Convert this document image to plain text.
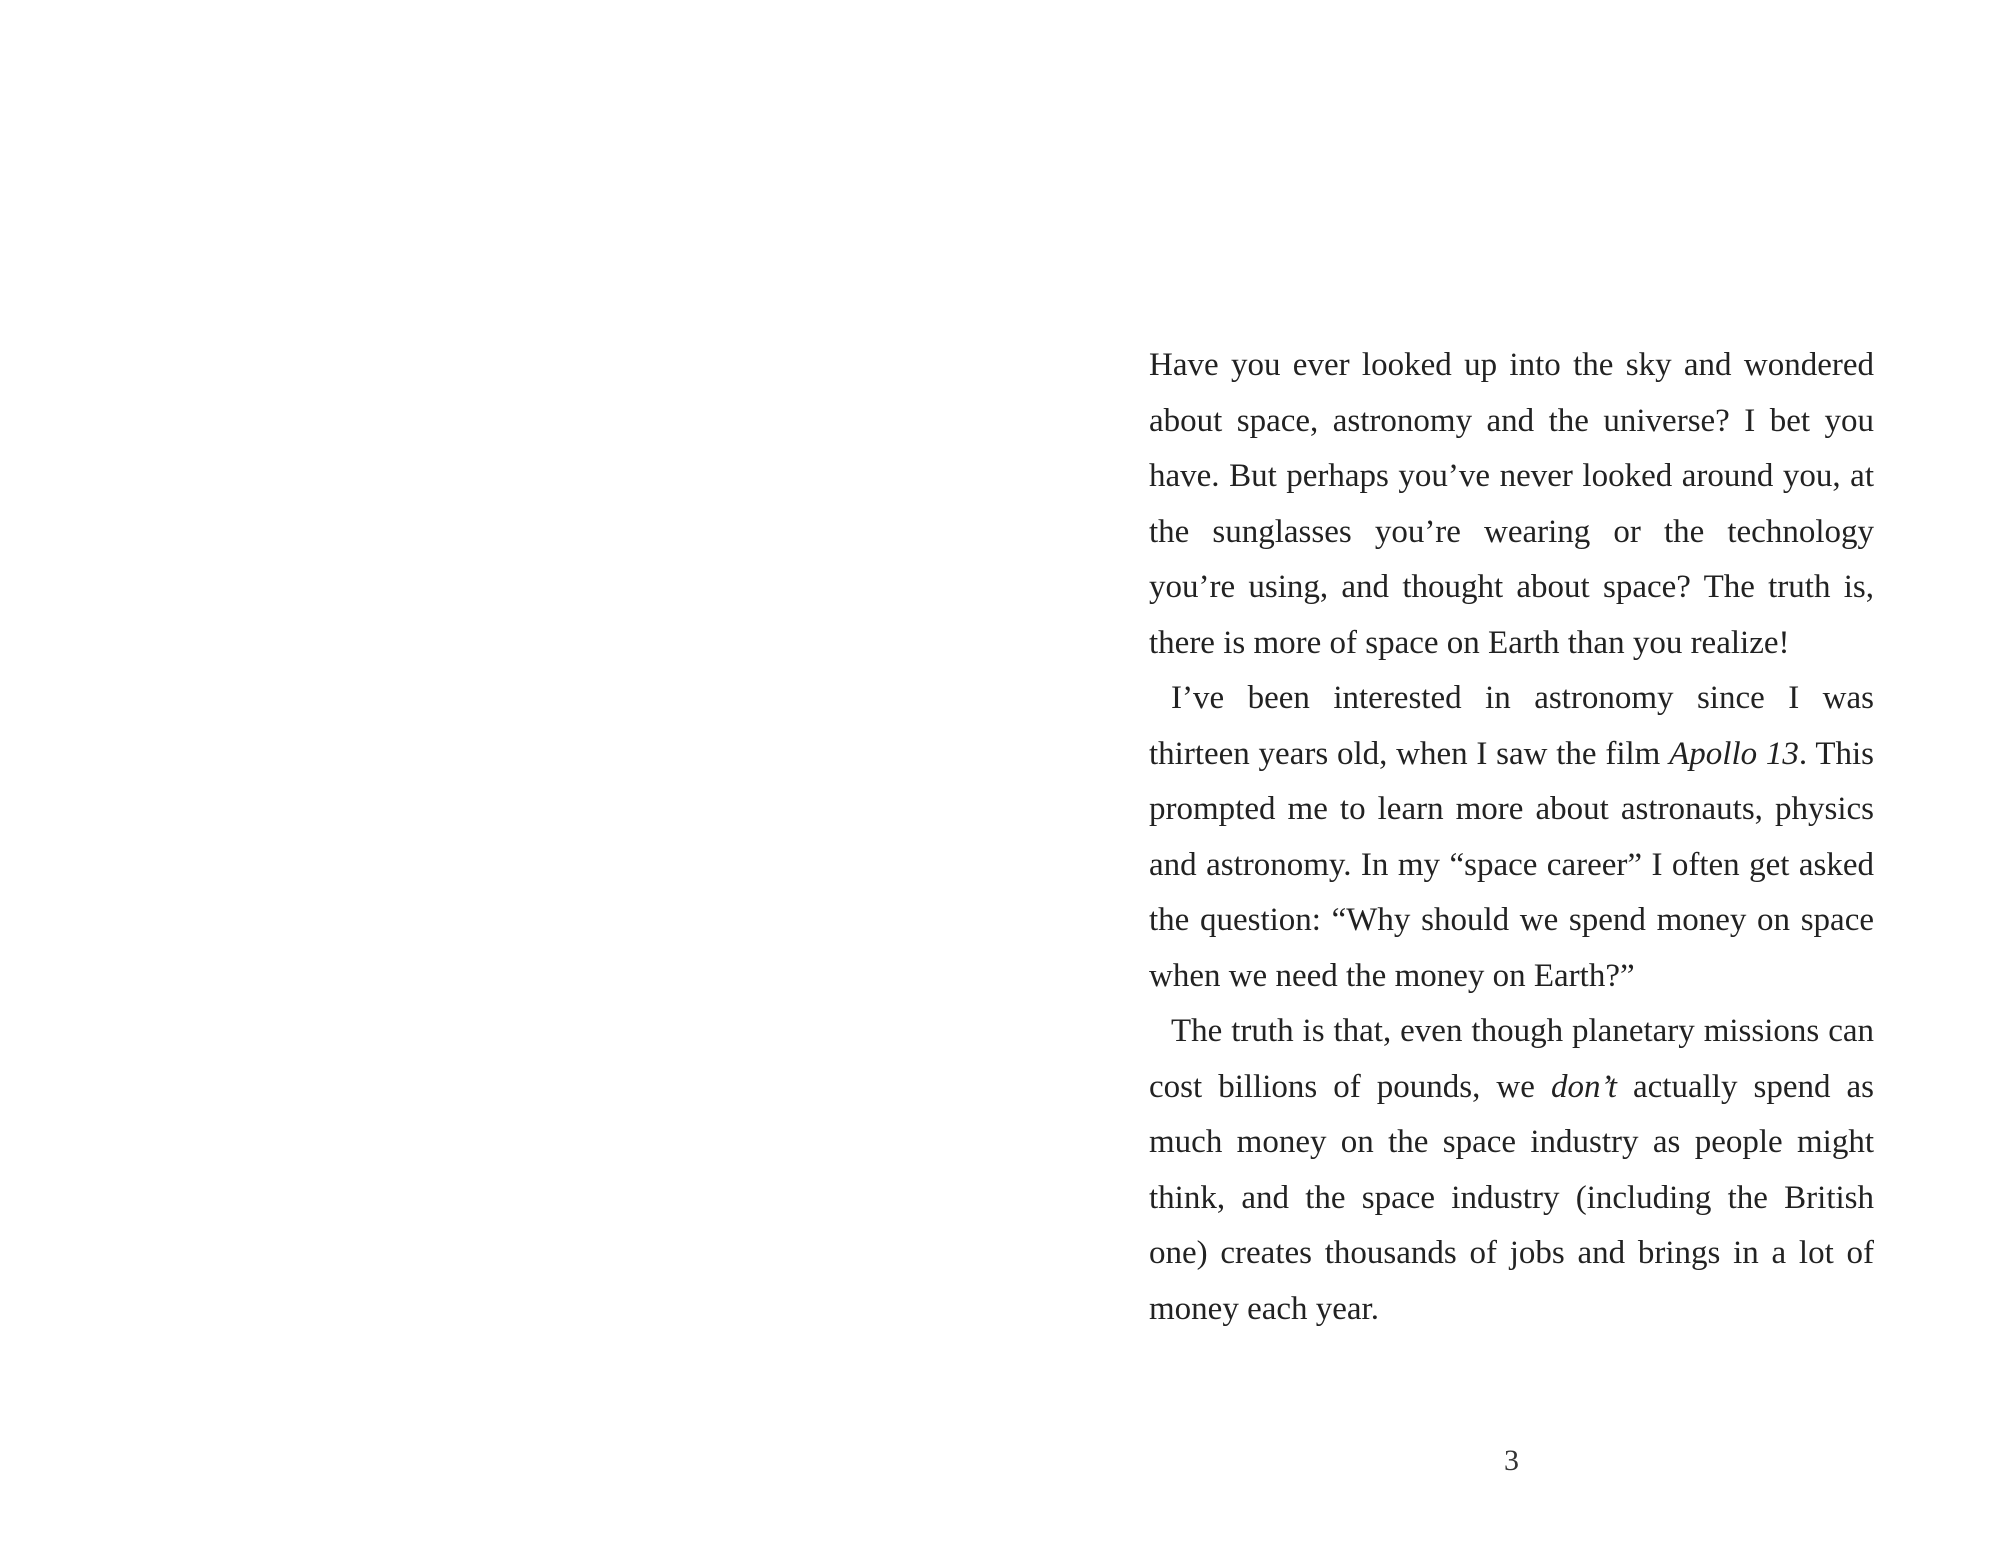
Have you ever looked up into the sky and wondered about space, astronomy and the universe? I bet you have. But perhaps you’ve never looked around you, at the sunglasses you’re wearing or the technology you’re using, and thought about space? The truth is, there is more of space on Earth than you realize!

I’ve been interested in astronomy since I was thirteen years old, when I saw the film Apollo 13. This prompted me to learn more about astronauts, physics and astronomy. In my “space career” I often get asked the question: “Why should we spend money on space when we need the money on Earth?”

The truth is that, even though planetary missions can cost billions of pounds, we don’t actually spend as much money on the space industry as people might think, and the space industry (including the British one) creates thousands of jobs and brings in a lot of money each year.

3
